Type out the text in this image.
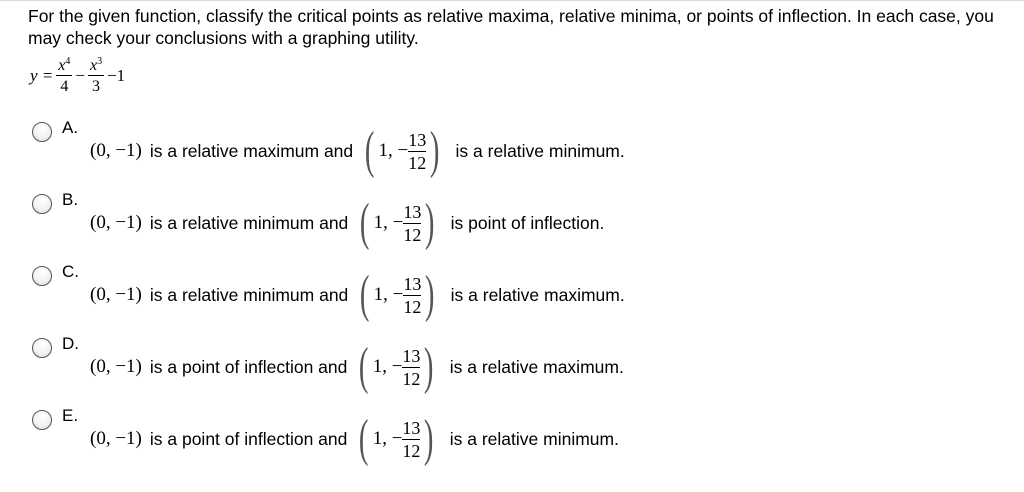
For the given function, classify the critical points as relative maxima, relative minima, or points of inflection. In each case, you may check your conclusions with a graphing utility.
$y = \frac{x^4}{4} - \frac{x^3}{3} -1$
A.
(0, −1) is a relative maximum and ( 1, −
13
12 ) is a relative minimum.
B.
(0, −1) is a relative minimum and ( 1, −
13
12 ) is point of inflection.
C.
(0, −1) is a relative minimum and ( 1, −
13
12 ) is a relative maximum.
D.
(0, −1) is a point of inflection and ( 1, −
13
12 ) is a relative maximum.
E.
(0, −1) is a point of inflection and ( 1, −
13
12 ) is a relative minimum.
